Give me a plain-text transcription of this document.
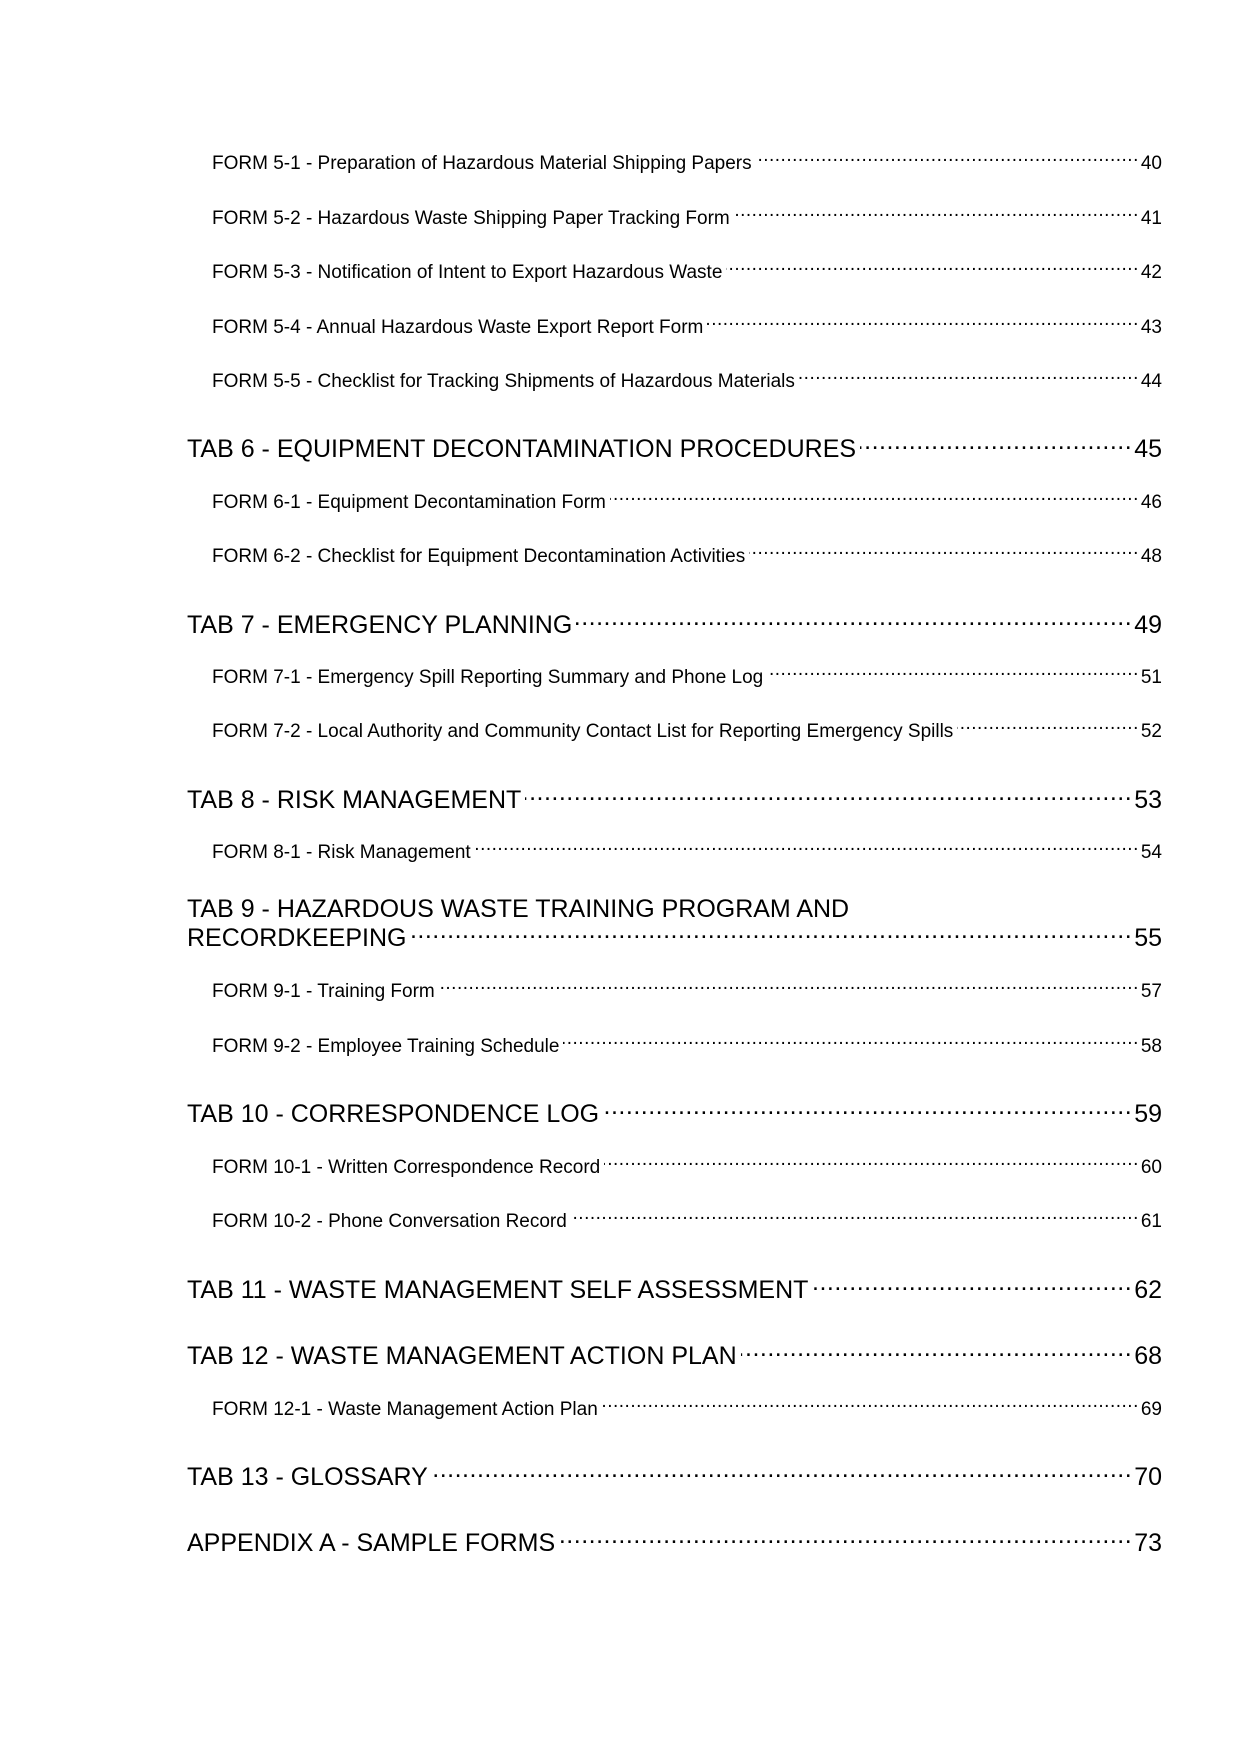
FORM 5-1 - Preparation of Hazardous Material Shipping Papers .....	40
FORM 5-2 - Hazardous Waste Shipping Paper Tracking Form .....	41
FORM 5-3 - Notification of Intent to Export Hazardous Waste .....	42
FORM 5-4 - Annual Hazardous Waste Export Report Form .....	43
FORM 5-5 - Checklist for Tracking Shipments of Hazardous Materials .....	44
TAB 6 - EQUIPMENT DECONTAMINATION PROCEDURES .....	45
FORM 6-1 - Equipment Decontamination Form .....	46
FORM 6-2 - Checklist for Equipment Decontamination Activities .....	48
TAB 7 - EMERGENCY PLANNING .....	49
FORM 7-1 - Emergency Spill Reporting Summary and Phone Log .....	51
FORM 7-2 - Local Authority and Community Contact List for Reporting Emergency Spills .....	52
TAB 8 - RISK MANAGEMENT .....	53
FORM 8-1 - Risk Management .....	54
TAB 9 - HAZARDOUS WASTE TRAINING PROGRAM AND
RECORDKEEPING .....	55
FORM 9-1 - Training Form .....	57
FORM 9-2 - Employee Training Schedule .....	58
TAB 10 - CORRESPONDENCE LOG .....	59
FORM 10-1 - Written Correspondence Record .....	60
FORM 10-2 - Phone Conversation Record .....	61
TAB 11 - WASTE MANAGEMENT SELF ASSESSMENT .....	62
TAB 12 - WASTE MANAGEMENT ACTION PLAN .....	68
FORM 12-1 - Waste Management Action Plan .....	69
TAB 13 - GLOSSARY .....	70
APPENDIX A - SAMPLE FORMS .....	73
